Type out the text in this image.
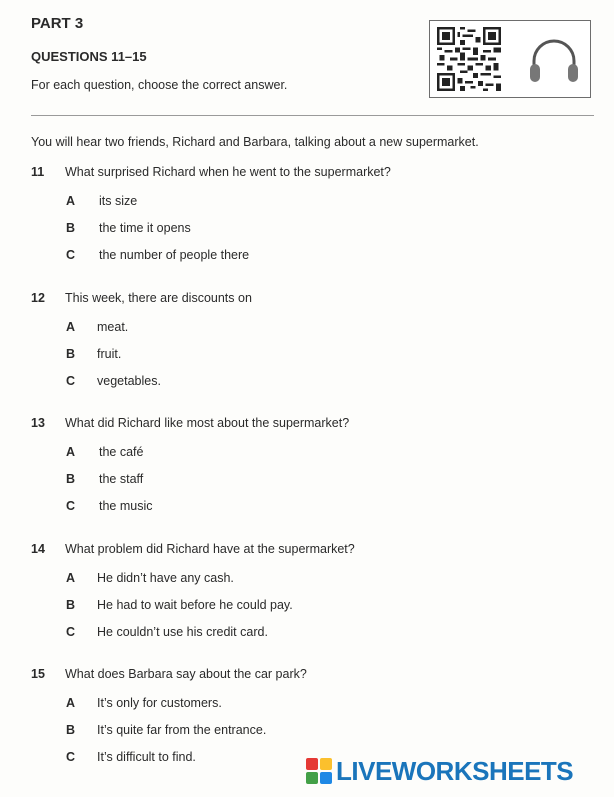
PART 3
QUESTIONS 11–15
For each question, choose the correct answer.
You will hear two friends, Richard and Barbara, talking about a new supermarket.
11 What surprised Richard when he went to the supermarket?
A its size
B the time it opens
C the number of people there
12 This week, there are discounts on
A meat.
B fruit.
C vegetables.
13 What did Richard like most about the supermarket?
A the café
B the staff
C the music
14 What problem did Richard have at the supermarket?
A He didn’t have any cash.
B He had to wait before he could pay.
C He couldn’t use his credit card.
15 What does Barbara say about the car park?
A It’s only for customers.
B It’s quite far from the entrance.
C It’s difficult to find.	LIVEWORKSHEETS
